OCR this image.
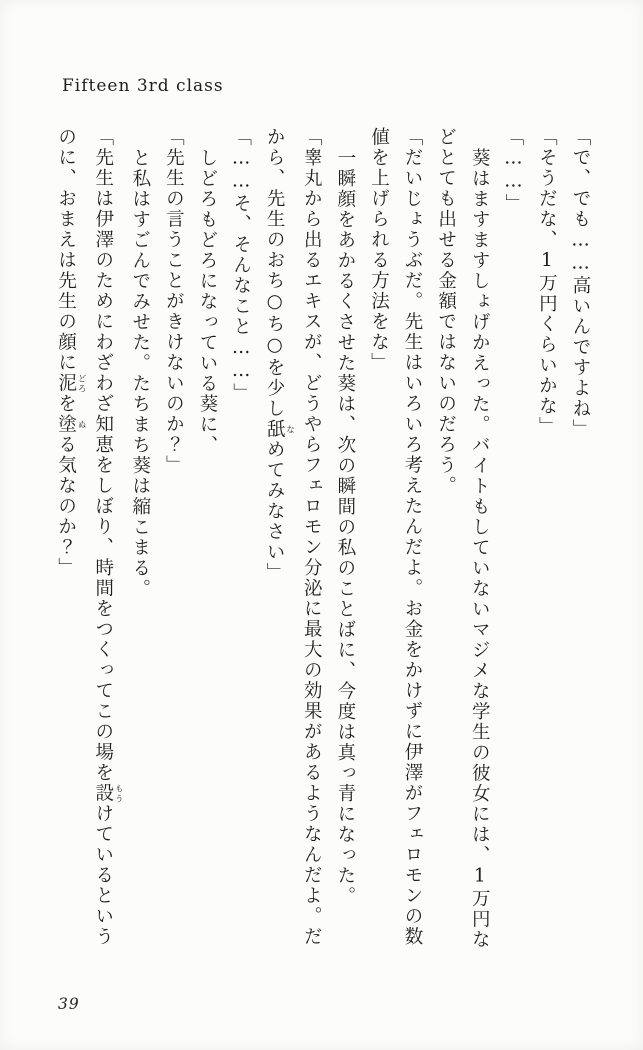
Fifteen 3rd class
「で、でも……高いんですよね」
「そうだな、1万円くらいかな」
「……」
葵はますますしょげかえった。バイトもしていないマジメな学生の彼女には、1万円な
どとても出せる金額ではないのだろう。
「だいじょうぶだ。先生はいろいろ考えたんだよ。お金をかけずに伊澤がフェロモンの数
値を上げられる方法をな」
一瞬顔をあかるくさせた葵は、次の瞬間の私のことばに、今度は真っ青になった。
「睾丸から出るエキスが、どうやらフェロモン分泌に最大の効果があるようなんだよ。だ
から、先生のおち○ち○を少し舐 なめてみなさい」
「……そ、そんなこと……」
しどろもどろになっている葵に、
「先生の言うことがきけないのか？」
と私はすごんでみせた。たちまち葵は縮こまる。
「先生は伊澤のためにわざわざ知恵をしぼり、時間をつくってこの場を設 もうけているという
のに、おまえは先生の顔に泥 どろを塗 ぬる気なのか？」
39
